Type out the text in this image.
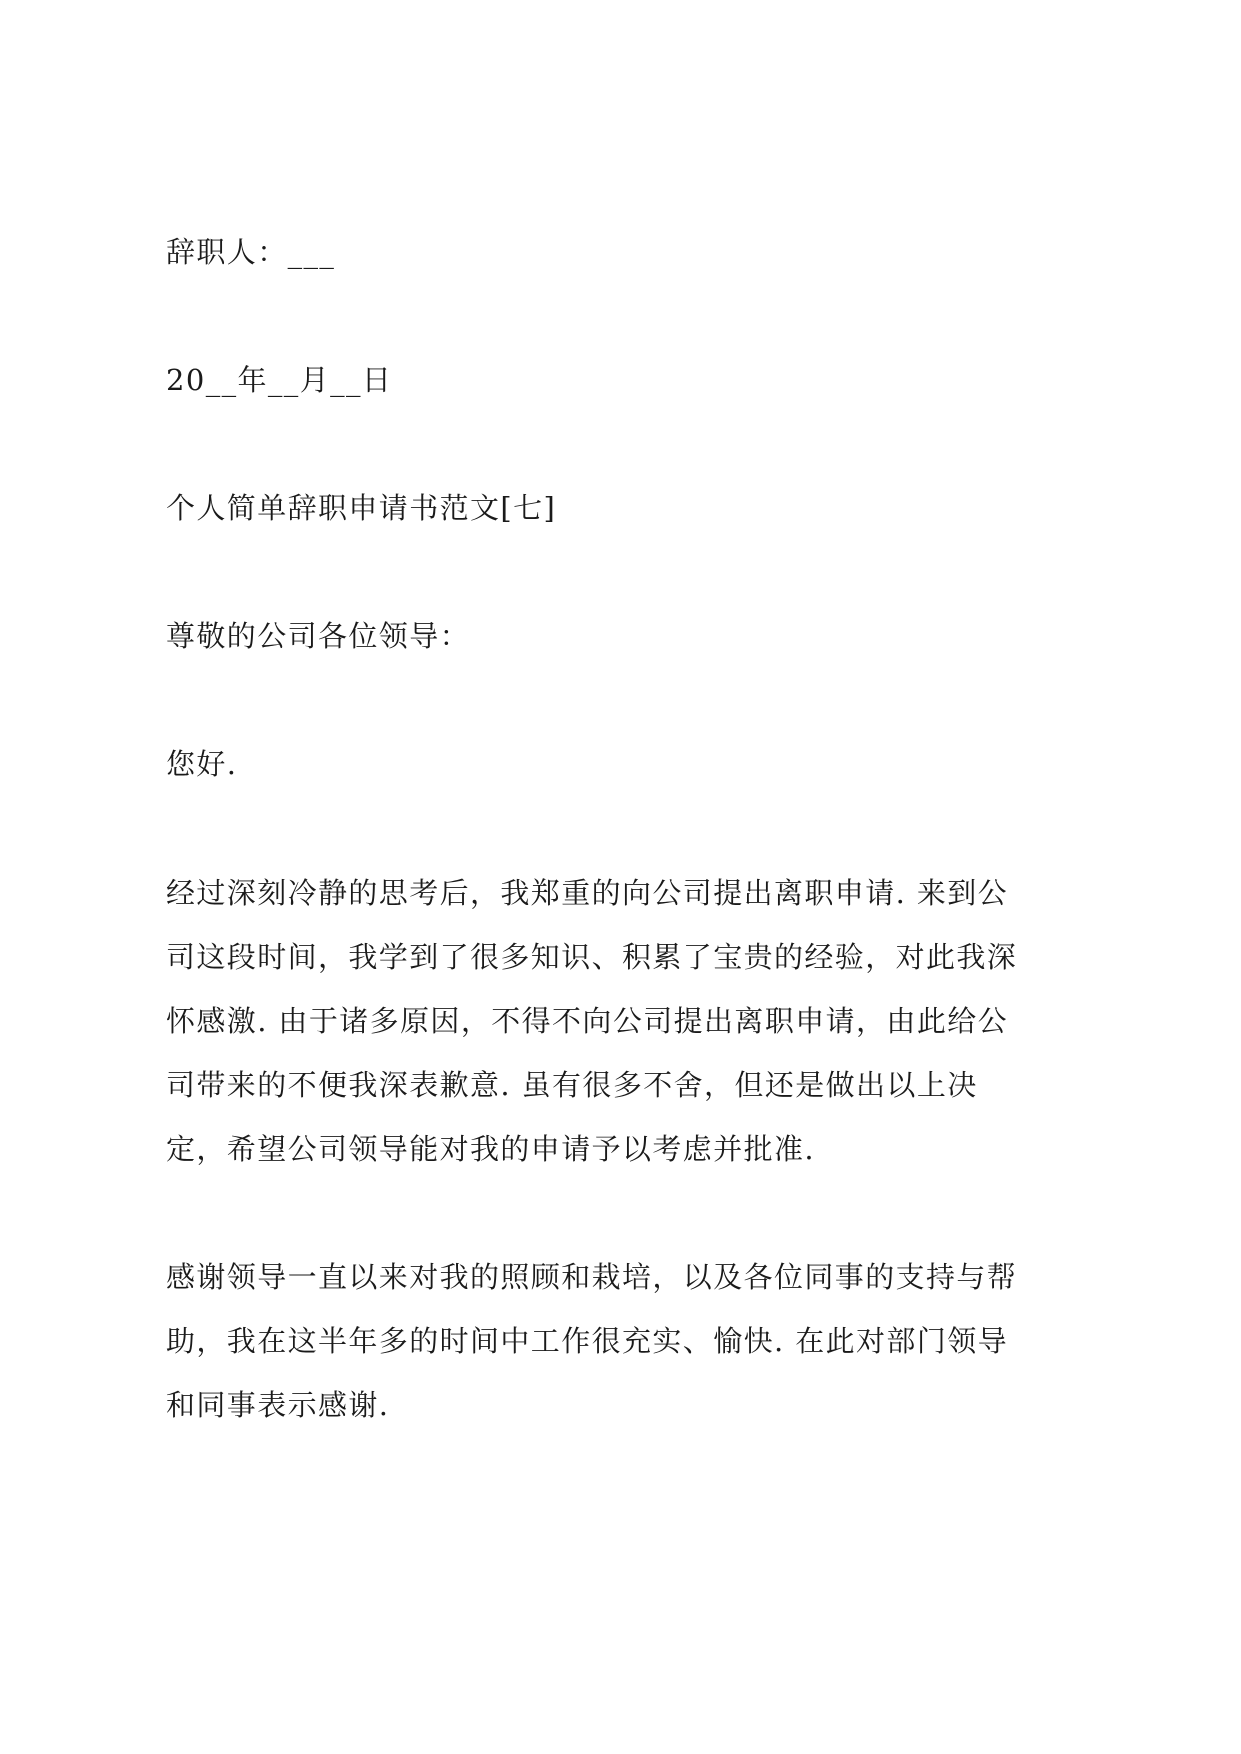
辞职人：___
20__年__月__日
个人简单辞职申请书范文[七]
尊敬的公司各位领导：
您好.
经过深刻冷静的思考后，我郑重的向公司提出离职申请. 来到公
司这段时间，我学到了很多知识、积累了宝贵的经验，对此我深
怀感激. 由于诸多原因，不得不向公司提出离职申请，由此给公
司带来的不便我深表歉意. 虽有很多不舍，但还是做出以上决
定，希望公司领导能对我的申请予以考虑并批准.
感谢领导一直以来对我的照顾和栽培，以及各位同事的支持与帮
助，我在这半年多的时间中工作很充实、愉快. 在此对部门领导
和同事表示感谢.
